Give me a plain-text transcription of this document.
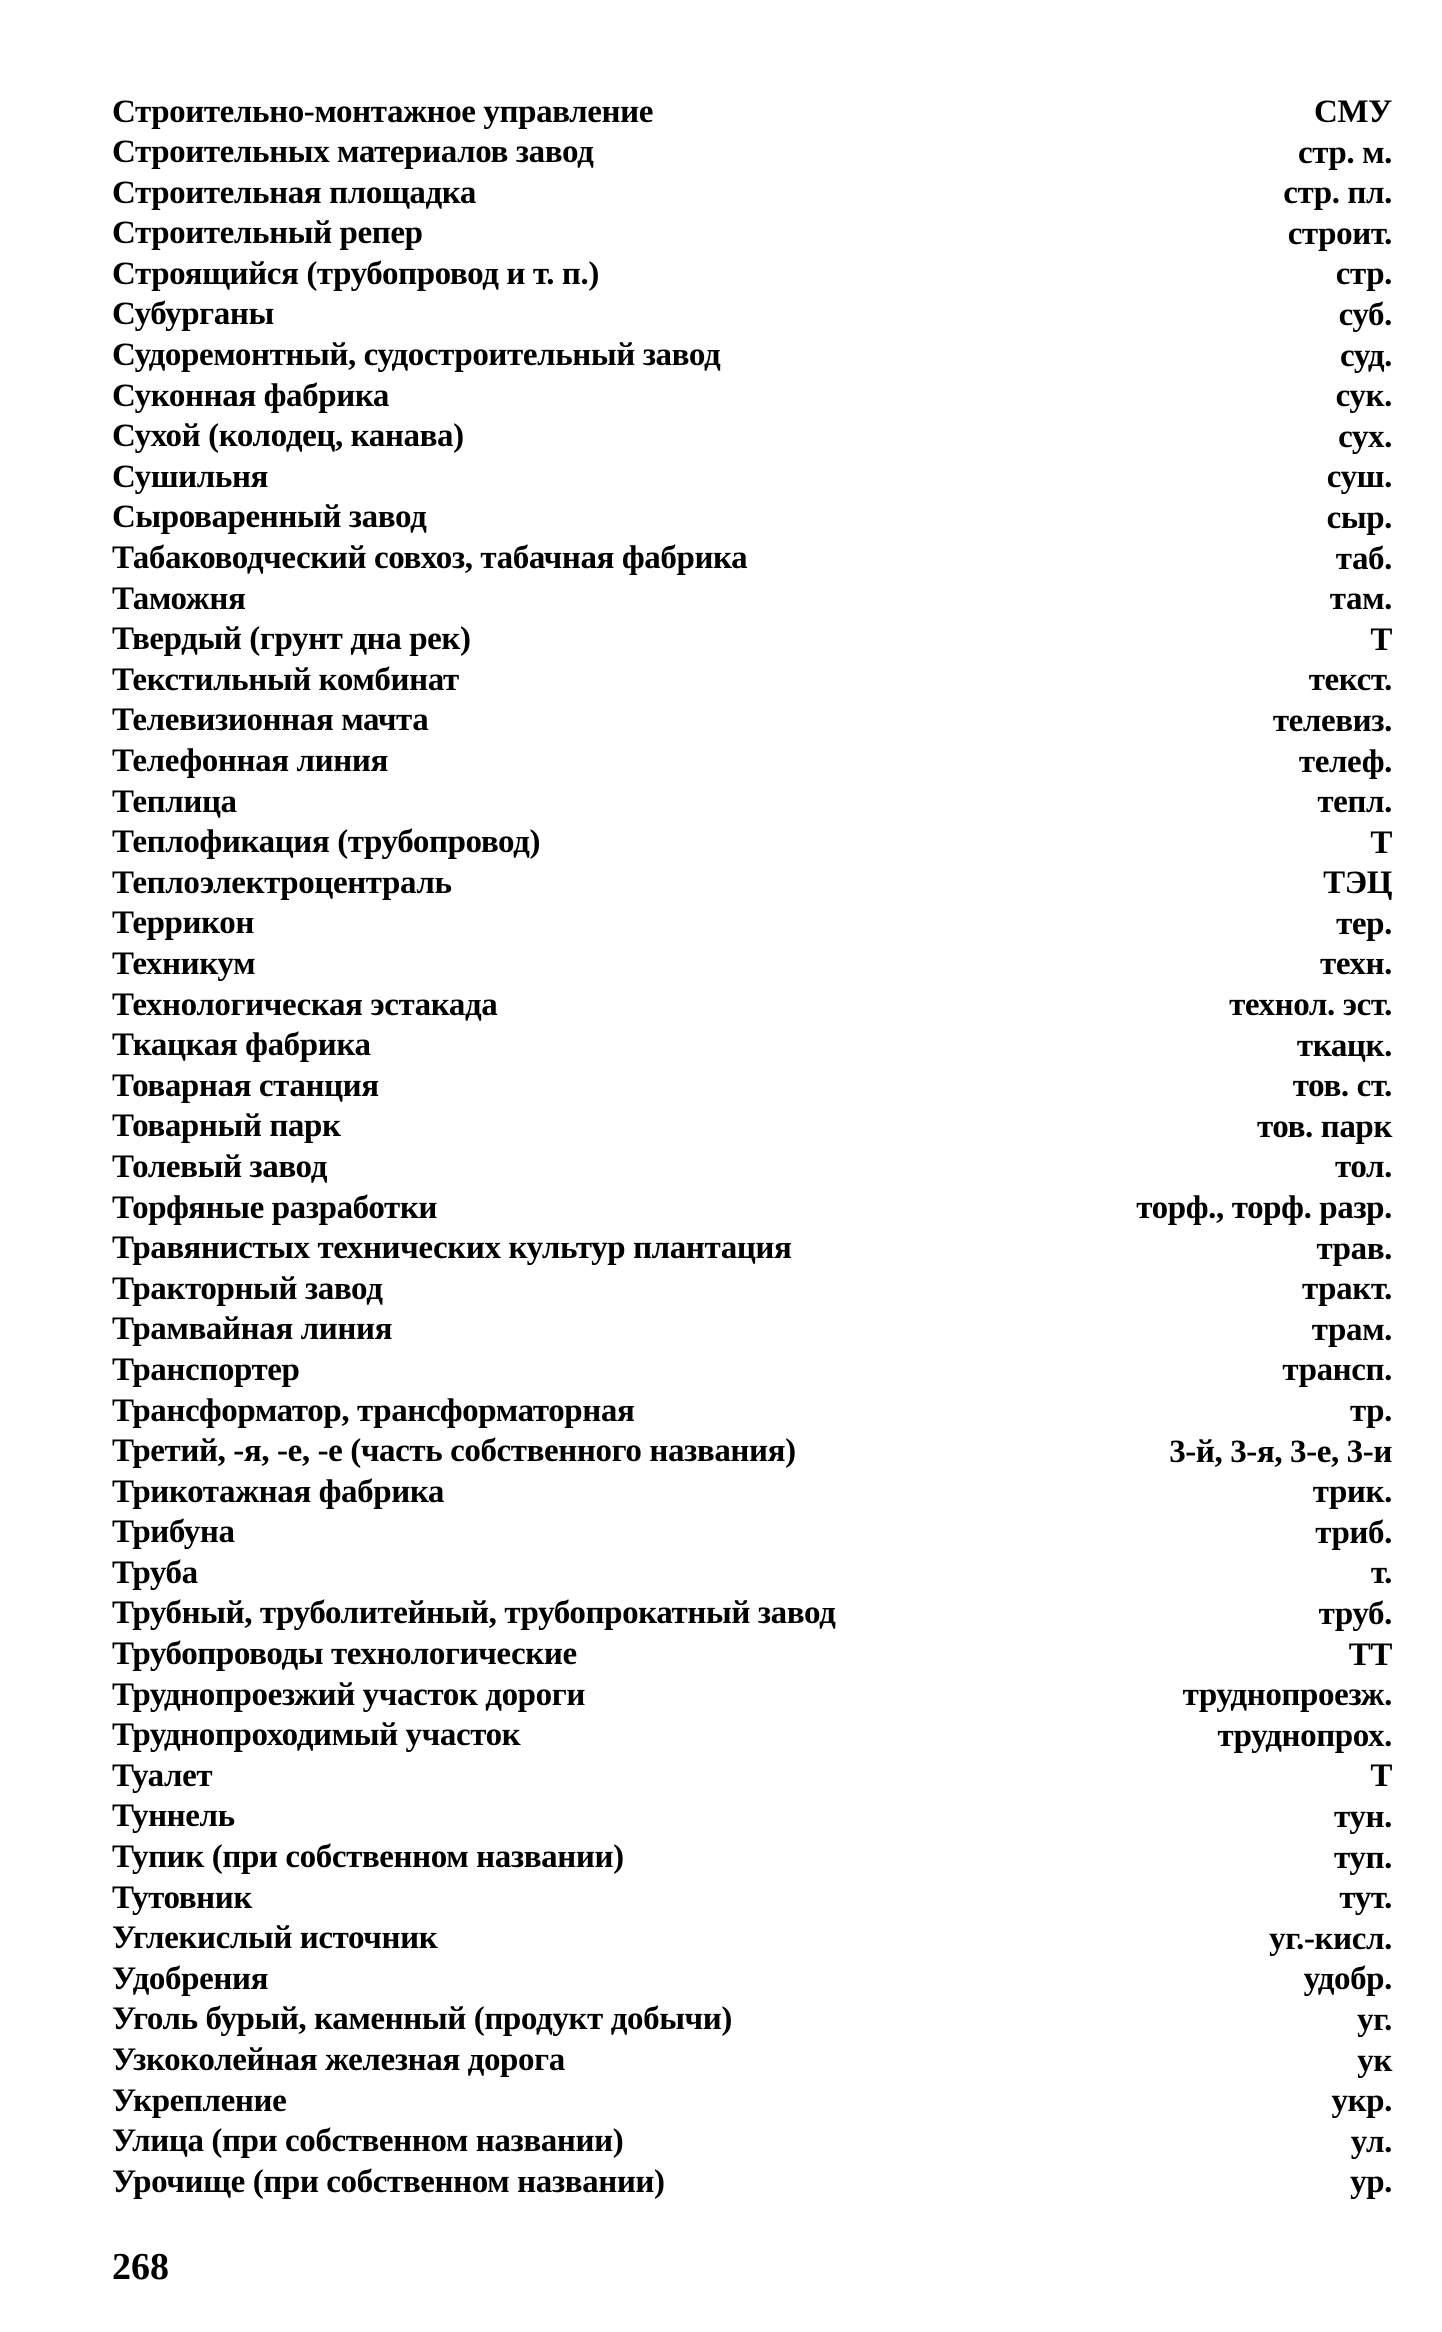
Строительно-монтажное управление	СМУ
Строительных материалов завод	стр. м.
Строительная площадка	стр. пл.
Строительный репер	строит.
Строящийся (трубопровод и т. п.)	стр.
Субурганы	суб.
Судоремонтный, судостроительный завод	суд.
Суконная фабрика	сук.
Сухой (колодец, канава)	сух.
Сушильня	суш.
Сыроваренный завод	сыр.
Табаководческий совхоз, табачная фабрика	таб.
Таможня	там.
Твердый (грунт дна рек)	Т
Текстильный комбинат	текст.
Телевизионная мачта	телевиз.
Телефонная линия	телеф.
Теплица	тепл.
Теплофикация (трубопровод)	Т
Теплоэлектроцентраль	ТЭЦ
Террикон	тер.
Техникум	техн.
Технологическая эстакада	технол. эст.
Ткацкая фабрика	ткацк.
Товарная станция	тов. ст.
Товарный парк	тов. парк
Толевый завод	тол.
Торфяные разработки	торф., торф. разр.
Травянистых технических культур плантация	трав.
Тракторный завод	тракт.
Трамвайная линия	трам.
Транспортер	трансп.
Трансформатор, трансформаторная	тр.
Третий, -я, -е, -е (часть собственного названия)	3-й, 3-я, 3-е, 3-и
Трикотажная фабрика	трик.
Трибуна	триб.
Труба	т.
Трубный, труболитейный, трубопрокатный завод	труб.
Трубопроводы технологические	ТТ
Труднопроезжий участок дороги	труднопроезж.
Труднопроходимый участок	труднопрох.
Туалет	Т
Туннель	тун.
Тупик (при собственном названии)	туп.
Тутовник	тут.
Углекислый источник	уг.-кисл.
Удобрения	удобр.
Уголь бурый, каменный (продукт добычи)	уг.
Узкоколейная железная дорога	ук
Укрепление	укр.
Улица (при собственном названии)	ул.
Урочище (при собственном названии)	ур.
268
